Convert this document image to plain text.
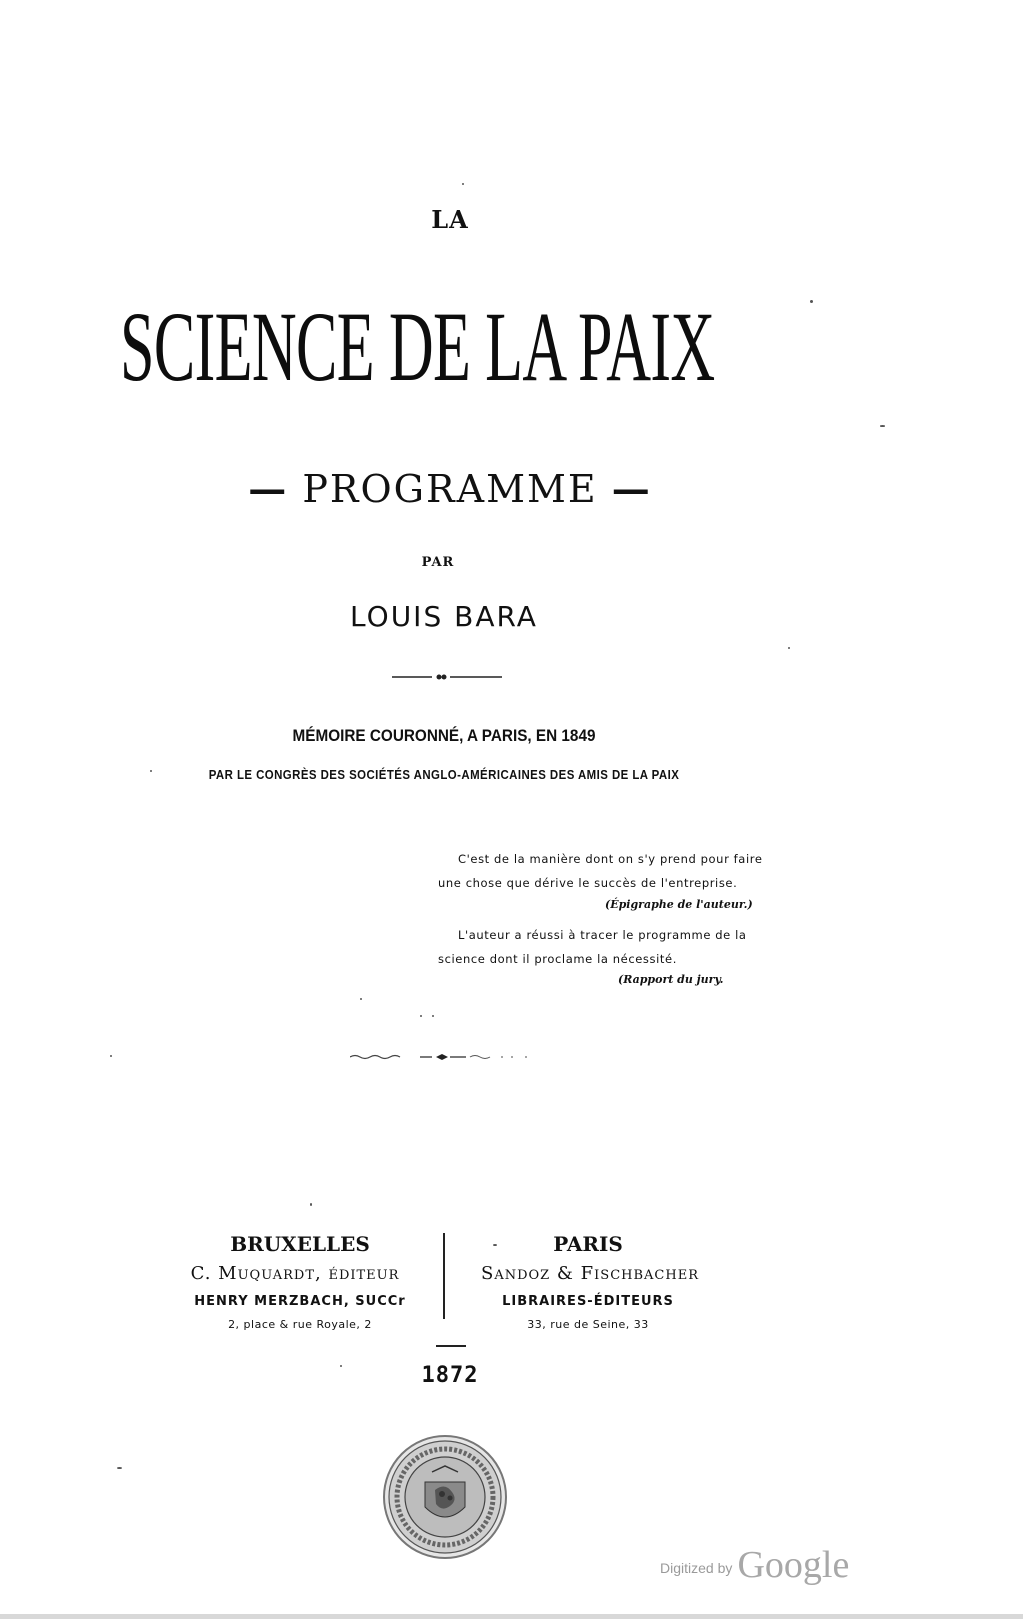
LA
SCIENCE DE LA PAIX
— PROGRAMME —
PAR
LOUIS BARA
MÉMOIRE COURONNÉ, A PARIS, EN 1849
PAR LE CONGRÈS DES SOCIÉTÉS ANGLO-AMÉRICAINES DES AMIS DE LA PAIX
C'est de la manière dont on s'y prend pour faire
une chose que dérive le succès de l'entreprise.
(Épigraphe de l'auteur.)
L'auteur a réussi à tracer le programme de la
science dont il proclame la nécessité.
(Rapport du jury.
BRUXELLES
C. Muquardt, éditeur
HENRY MERZBACH, SUCCr
2, place & rue Royale, 2
PARIS
Sandoz & Fischbacher
LIBRAIRES-ÉDITEURS
33, rue de Seine, 33
1872
Digitized by Google
